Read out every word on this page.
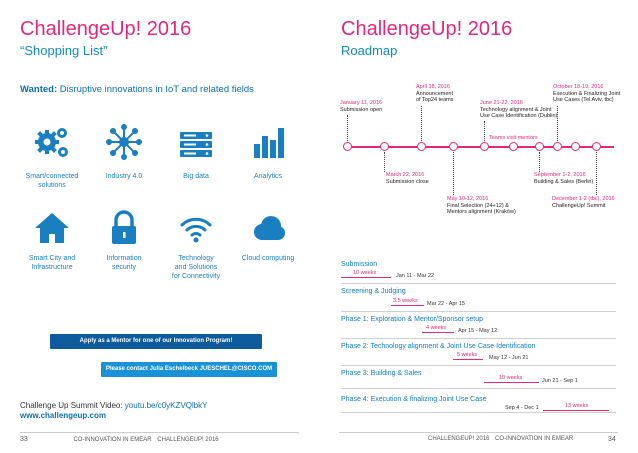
ChallengeUp! 2016
“Shopping List”
Wanted: Disruptive innovations in IoT and related fields
Smart/connected
solutions
Industry 4.0	Big data	Analytics
Smart City and
Infrastructure
Information
security
Technology
and Solutions
for Connectivity
Cloud computing
Apply as a Mentor for one of our Innovation Program!
Please contact Julia Eschelbeck JUESCHEL@CISCO.COM
Challenge Up Summit Video: youtu.be/c0yKZVQlbkY
www.challengeup.com
33	CO-INNOVATION IN EMEAR CHALLENGEUP! 2016
ChallengeUp! 2016
Roadmap
January 11, 2016
Submission open
April 18, 2016
Announcement
of Top24 teams	June 21-22, 2016
Technology alignment & Joint
Use Case Identification (Dublin)
Teams visit mentors
October 18-19, 2016
Execution & Finalizing Joint
Use Cases (Tel Aviv, tbc)
March 22, 2016
Submission close
May 10-12, 2016
Final Selection (24+12) &
Mentors alignment (Kraków)
September 1-2, 2016
Building & Sales (Berlin)
December 1-2 (tbc), 2016
ChallengeUp! Summit
Submission
10 weeks	Jan 11 - Mar 22
Screening & Judging
3.5 weeks Mar 22 - Apr 15
Phase 1: Exploration & Mentor/Sponsor setup
4 weeks Apr 15 - May 12
Phase 2: Technology alignment & Joint Use Case Identification
5 weeks May 12 - Jun 21
Phase 3: Building & Sales
10 weeks	Jun 21 - Sep 1
Phase 4: Execution & finalizing Joint Use Case
Sep 4 - Dec 1	13 weeks
CHALLENGEUP! 2016 CO-INNOVATION IN EMEAR	34
